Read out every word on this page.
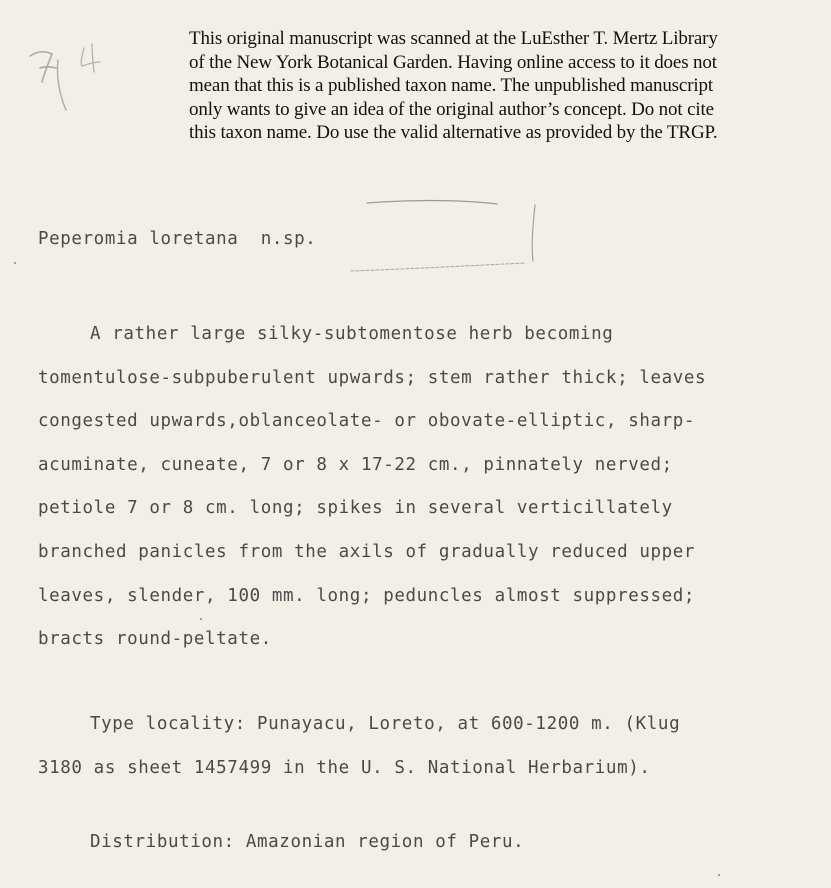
This original manuscript was scanned at the LuEsther T. Mertz Library
of the New York Botanical Garden. Having online access to it does not
mean that this is a published taxon name. The unpublished manuscript
only wants to give an idea of the original author’s concept. Do not cite
this taxon name. Do use the valid alternative as provided by the TRGP.
Peperomia loretana n.sp.
A rather large silky-subtomentose herb becoming
tomentulose-subpuberulent upwards; stem rather thick; leaves
congested upwards,oblanceolate- or obovate-elliptic, sharp-
acuminate, cuneate, 7 or 8 x 17-22 cm., pinnately nerved;
petiole 7 or 8 cm. long; spikes in several verticillately
branched panicles from the axils of gradually reduced upper
leaves, slender, 100 mm. long; peduncles almost suppressed;
bracts round-peltate.
Type locality: Punayacu, Loreto, at 600-1200 m. (Klug
3180 as sheet 1457499 in the U. S. National Herbarium).
Distribution: Amazonian region of Peru.
